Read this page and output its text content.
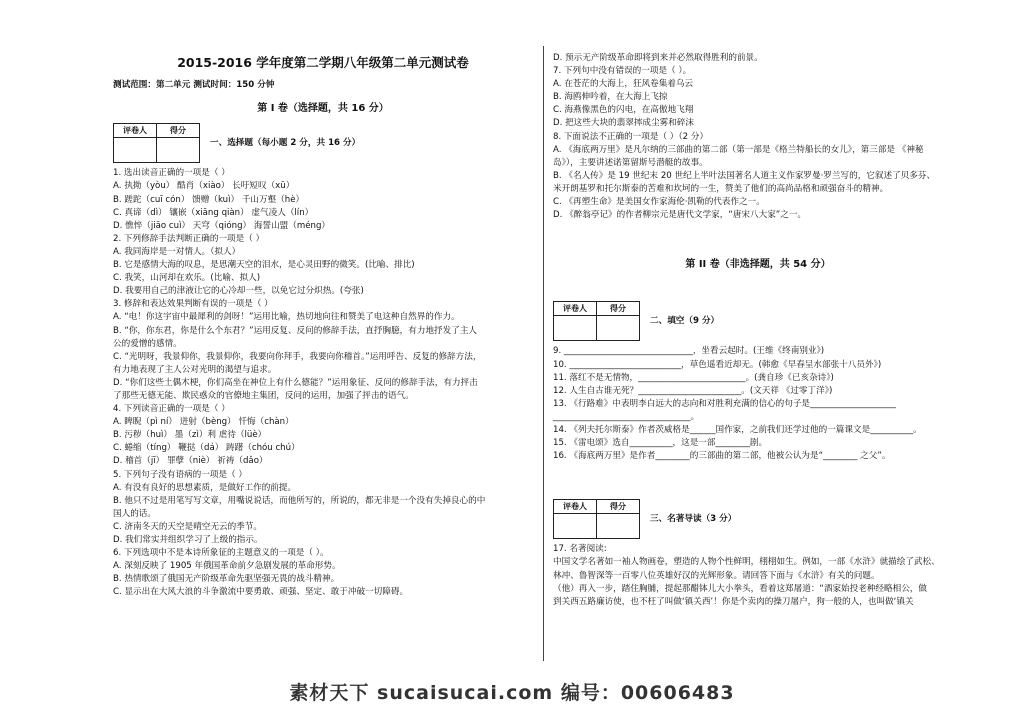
2015-2016 学年度第二学期八年级第二单元测试卷
测试范围：第二单元 测试时间：150 分钟
第 I 卷（选择题，共 16 分）
评卷人	得分

一、选择题（每小题 2 分，共 16 分）
1. 选出读音正确的一项是（ ）
A. 执拗（yòu） 酷肖（xiào） 长吁短叹（xū）
B. 蹉跎（cuī cón） 馈赠（kuì） 千山万壑（hè）
C. 真谛（dì） 镶嵌（xiāng qiàn） 虚气凌人（lín）
D. 憔悴（jiāo cuì） 天穹（qióng） 海誓山盟（méng）
2. 下列修辞手法判断正确的一项是（ ）
A. 我同海岸是一对情人。（拟人）
B. 它是感情大海的叹息，是思潮天空的泪水，是心灵田野的微笑。(比喻、排比)
C. 我笑，山河却在欢乐。(比喻、拟人)
D. 我要用自己的津液让它的心冷却一些，以免它过分炽热。(夸张)
3. 修辞和表达效果判断有误的一项是（ ）
A. “电！你这宇宙中最犀利的剑呀！”运用比喻，热切地向往和赞美了电这种自然界的作力。
B. “你，你东君，你是什么个东君？”运用反复、反问的修辞手法，直抒胸臆，有力地抒发了主人
公的爱憎的感情。
C. “光明呀，我景仰你，我景仰你，我要向你拜手，我要向你稽首。”运用呼告、反复的修辞方法，
有力地表现了主人公对光明的渴望与追求。
D. “你们这些土偶木梗，你们高坐在神位上有什么德能？”运用象征、反问的修辞手法，有力抨击
了那些无德无能、欺民惑众的官僚地主集团，反问的运用，加强了抨击的语气。
4. 下列读音正确的一项是（ ）
A. 睥睨（pì ní） 迸射（bèng） 忏悔（chàn）
B. 污秽（huì） 墨（zì）利 虐待（lüè）
C. 蜷缩（tíng） 鞭挞（dá） 踌躇（chóu chú）
D. 稽首（jī） 罪孽（niè） 祈祷（dǎo）
5. 下列句子没有语病的一项是（ ）
A. 有没有良好的思想素质，是做好工作的前提。
B. 他只不过是用笔写写文章，用嘴说说话，而他所写的，所说的，都无非是一个没有失掉良心的中
国人的话。
C. 济南冬天的天空是晴空无云的季节。
D. 我们常实并组织学习了上级的指示。
6. 下列选项中不是本诗所象征的主题意义的一项是（ ）。
A. 深刻反映了 1905 年俄国革命前夕急剧发展的革命形势。
B. 热情歌颂了俄国无产阶级革命先驱坚强无畏的战斗精神。
C. 显示出在大风大浪的斗争激流中要勇敢、顽强、坚定、敢于冲破一切障碍。
D. 预示无产阶级革命即将到来并必然取得胜利的前景。
7. 下列句中没有错误的一项是（ ）。
A. 在苍茫的大海上，狂风卷集着乌云
B. 海鸥伸吟着，在大海上飞掠
C. 海燕像黑色的闪电，在高傲地飞翔
D. 把这些大块的翡翠摔成尘雾和碎沫
8. 下面说法不正确的一项是（ ）（2 分）
A. 《海底两万里》是凡尔纳的三部曲的第二部（第一部是《格兰特船长的女儿》，第三部是 《神秘
岛》），主要讲述诺第留斯号潜艇的故事。
B. 《名人传》是 19 世纪末 20 世纪上半叶法国著名人道主义作家罗曼·罗兰写的，它叙述了贝多芬、
米开朗基罗和托尔斯泰的苦难和坎坷的一生，赞美了他们的高尚品格和顽强奋斗的精神。
C. 《再塑生命》是美国女作家海伦·凯勒的代表作之一。
D. 《醉翁亭记》的作者柳宗元是唐代文学家，“唐宋八大家”之一。
第 II 卷（非选择题，共 54 分）
评卷人	得分

二、填空（9 分）
9. ______________________________，坐看云起时。(王维《终南别业》)
10. __________________________，草色遥看近却无。(韩愈《早春呈水部张十八员外》)
11. 落红不是无情物，_________________________。(龚自珍《已亥杂诗》)
12. 人生自古谁无死？________________________。(文天祥 《过零丁洋》)
13. 《行路难》中表明李白远大的志向和对胜利充满的信心的句子是____________________
________________________________。
14. 《列夫托尔斯泰》作者茨威格是______国作家，之前我们还学过他的一篇课文是__________。
15. 《雷电颂》选自__________，这是一部________剧。
16. 《海底两万里》是作者________的三部曲的第二部，他被公认为是“________ 之父”。
评卷人	得分

三、名著导读（3 分）
17. 名著阅读:
中国文学名著如一袖人物画卷，塑造的人物个性鲜明，栩栩如生。例如，一部《水浒》就描绘了武松、
林冲、鲁智深等一百零八位英雄好汉的光辉形象。请回答下面与《水浒》有关的问题。
（他）再入一步，踏住胸脯，提起那醋钵儿大小拳头，看着这郑屠道：“酒家始投老种经略相公，做
到关西五路廉访使，也不枉了叫做‘镇关西’！你是个卖肉的操刀屠户，狗一般的人，也叫做‘镇关
素材天下 sucaisucai.com 编号：00606483
